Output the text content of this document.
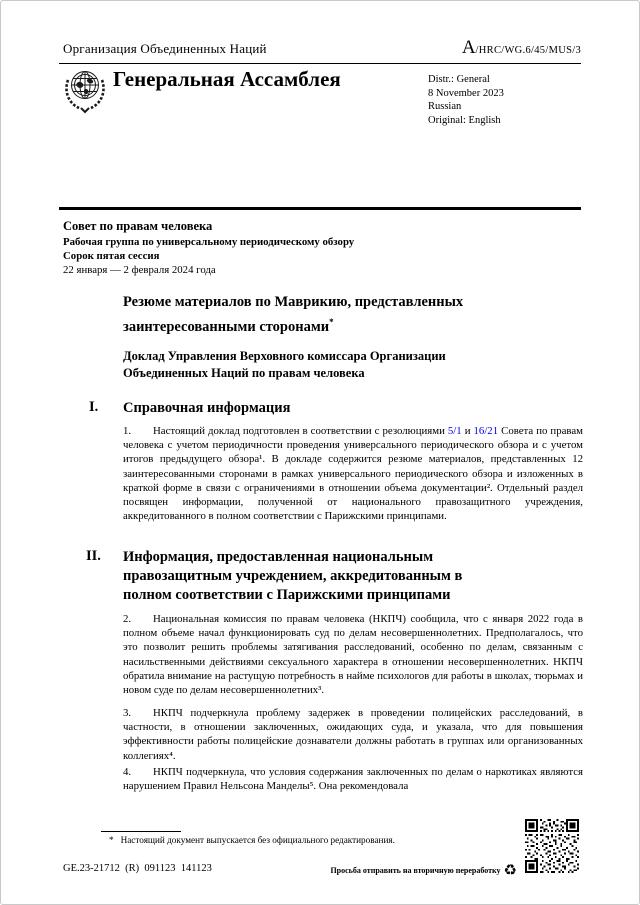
Организация Объединенных Наций	A/HRC/WG.6/45/MUS/3
Генеральная Ассамблея	Distr.: General
8 November 2023
Russian
Original: English
Совет по правам человека
Рабочая группа по универсальному периодическому обзору
Сорок пятая сессия
22 января — 2 февраля 2024 года
Резюме материалов по Маврикию, представленных заинтересованными сторонами*
Доклад Управления Верховного комиссара Организации Объединенных Наций по правам человека
I. Справочная информация
1. Настоящий доклад подготовлен в соответствии с резолюциями 5/1 и 16/21 Совета по правам человека с учетом периодичности проведения универсального периодического обзора и с учетом итогов предыдущего обзора¹. В докладе содержится резюме материалов, представленных 12 заинтересованными сторонами в рамках универсального периодического обзора и изложенных в краткой форме в связи с ограничениями в отношении объема документации². Отдельный раздел посвящен информации, полученной от национального правозащитного учреждения, аккредитованного в полном соответствии с Парижскими принципами.
II. Информация, предоставленная национальным правозащитным учреждением, аккредитованным в полном соответствии с Парижскими принципами
2. Национальная комиссия по правам человека (НКПЧ) сообщила, что с января 2022 года в полном объеме начал функционировать суд по делам несовершеннолетних. Предполагалось, что это позволит решить проблемы затягивания расследований, особенно по делам, связанным с насильственными действиями сексуального характера в отношении несовершеннолетних. НКПЧ обратила внимание на растущую потребность в найме психологов для работы в школах, тюрьмах и новом суде по делам несовершеннолетних³.
3. НКПЧ подчеркнула проблему задержек в проведении полицейских расследований, в частности, в отношении заключенных, ожидающих суда, и указала, что для повышения эффективности работы полицейские дознаватели должны работать в группах или организованных коллегиях⁴.
4. НКПЧ подчеркнула, что условия содержания заключенных по делам о наркотиках являются нарушением Правил Нельсона Манделы⁵. Она рекомендовала
* Настоящий документ выпускается без официального редактирования.
GE.23-21712  (R)  091123  141123	Просьба отправить на вторичную переработку ♻
